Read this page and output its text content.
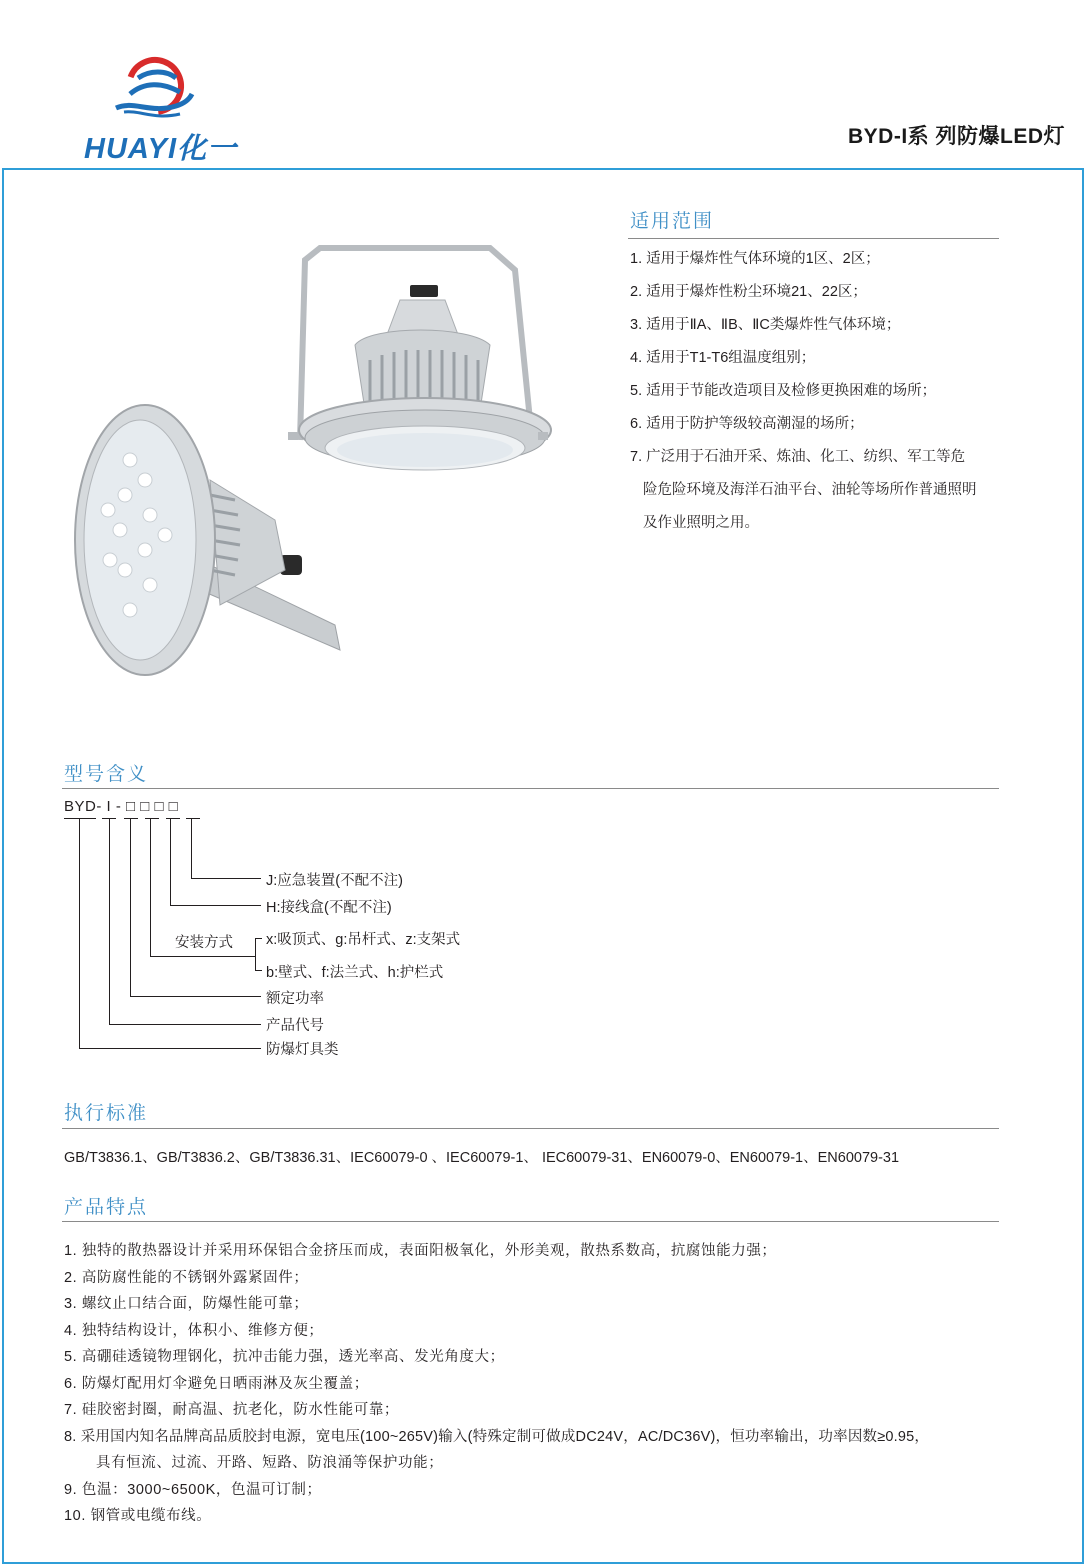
HUAYI化一	BYD-I系 列防爆LED灯
适用范围
1. 适用于爆炸性气体环境的1区、2区；
2. 适用于爆炸性粉尘环境21、22区；
3. 适用于ⅡA、ⅡB、ⅡC类爆炸性气体环境；
4. 适用于T1-T6组温度组别；
5. 适用于节能改造项目及检修更换困难的场所；
6. 适用于防护等级较高潮湿的场所；
7. 广泛用于石油开采、炼油、化工、纺织、军工等危
险危险环境及海洋石油平台、油轮等场所作普通照明
及作业照明之用。
型号含义
BYD- I - □ □ □ □
J:应急装置(不配不注)
H:接线盒(不配不注)
安装方式 x:吸顶式、g:吊杆式、z:支架式
b:壁式、f:法兰式、h:护栏式
额定功率
产品代号
防爆灯具类
执行标准
GB/T3836.1、GB/T3836.2、GB/T3836.31、IEC60079-0 、IEC60079-1、 IEC60079-31、EN60079-0、EN60079-1、EN60079-31
产品特点
1. 独特的散热器设计并采用环保铝合金挤压而成，表面阳极氧化，外形美观，散热系数高，抗腐蚀能力强；
2. 高防腐性能的不锈钢外露紧固件；
3. 螺纹止口结合面，防爆性能可靠；
4. 独特结构设计，体积小、维修方便；
5. 高硼硅透镜物理钢化，抗冲击能力强，透光率高、发光角度大；
6. 防爆灯配用灯伞避免日晒雨淋及灰尘覆盖；
7. 硅胶密封圈，耐高温、抗老化，防水性能可靠；
8. 采用国内知名品牌高品质胶封电源，宽电压(100~265V)输入(特殊定制可做成DC24V，AC/DC36V)，恒功率输出，功率因数≥0.95，
具有恒流、过流、开路、短路、防浪涌等保护功能；
9. 色温：3000~6500K，色温可订制；
10. 钢管或电缆布线。
